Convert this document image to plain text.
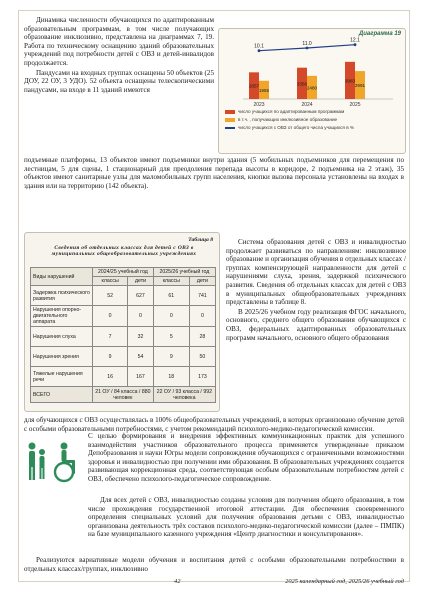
Динамика численности обучающихся по адаптированным образовательным программам, в том числе получающих образование инклюзивно, представлена на диаграммах 7, 19. Работа по техническому оснащению зданий образовательных учреждений под потребности детей с ОВЗ и детей-инвалидов продолжается.

Пандусами на входных группах оснащены 50 объектов (25 ДОУ, 22 ОУ, 3 УДО). 52 объекта оснащены телескопическими пандусами, на входе в 11 зданий имеются

Диаграмма 19
2857
1955
2023
3356
2480
2024
3983
2991
2025
10.1	11.0
12.1
число учащихся по адаптированным программам
в т.ч. , получающих инклюзивное образование
число учащихся с ОВЗ от общего числа учащихся в %
подъемные платформы, 13 объектов имеют подъемники внутри здания (5 мобильных подъемников для перемещения по лестницам, 5 для сцены, 1 стационарный для преодоления перепада высоты в коридоре, 2 подъемника на 2 этаж), 35 объектов имеют санитарные узлы для маломобильных групп населения, кнопки вызова персонала установлены на входах в здания или на территорию (142 объекта).
Таблица 8
Сведения об отдельных классах для детей с ОВЗ в муниципальных общеобразовательных учреждениях
Виды нарушений	2024/25 учебный год		2025/26 учебный год	
	классы	дети	классы	дети
Задержка психического развития	52	627	61	741
Нарушения опорно-двигательного аппарата	0	0	0	0
Нарушения слуха	7	32	5	28
Нарушения зрения	9	54	9	50
Тяжелые нарушения речи	16	167	18	173
ВСЕГО	21 ОУ / 84 класса / 880 человек		22 ОУ / 93 класса / 992 человека	

Система образования детей с ОВЗ и инвалидностью продолжает развиваться по направлениям: инклюзивное образование и организация обучения в отдельных классах / группах компенсирующей направленности для детей с нарушениями слуха, зрения, задержкой психического развития. Сведения об отдельных классах для детей с ОВЗ в муниципальных общеобразовательных учреждениях представлены в таблице 8.

В 2025/26 учебном году реализация ФГОС начального, основного, среднего общего образования обучающихся с ОВЗ, федеральных адаптированных образовательных программ начального, основного общего образования

для обучающихся с ОВЗ осуществлялась в 100% общеобразовательных учреждений, в которых организовано обучение детей с особыми образовательными потребностями, с учетом рекомендаций психолого-медико-педагогической комиссии.

С целью формирования и внедрения эффективных коммуникационных практик для успешного взаимодействия участников образовательного процесса применяется утвержденные приказом Депобразования и науки Югры модели сопровождения обучающихся с ограниченными возможностями здоровья и инвалидностью при получении ими образования. В образовательных учреждениях создается развивающая коррекционная среда, соответствующая особым образовательным потребностям детей с ОВЗ, обеспечено психолого-педагогическое сопровождение.

Для всех детей с ОВЗ, инвалидностью созданы условия для получения общего образования, в том числе прохождения государственной итоговой аттестации. Для обеспечения своевременного определения специальных условий для получения образования детьми с ОВЗ, инвалидностью организована деятельность трёх составов психолого-медико-педагогической комиссии (далее – ПМПК) на базе муниципального казенного учреждения «Центр диагностики и консультирования».

Реализуются вариативные модели обучения и воспитания детей с особыми образовательными потребностями в отдельных классах/группах, инклюзивно

42	2025 календарный год, 2025/26 учебный год
